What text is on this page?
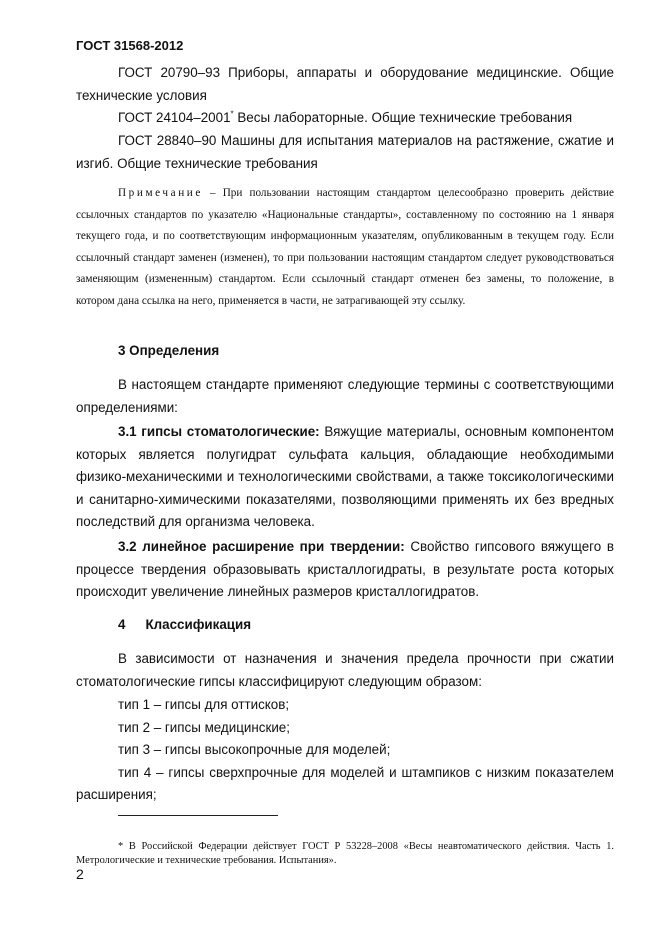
ГОСТ 31568-2012
ГОСТ 20790–93 Приборы, аппараты и оборудование медицинские. Общие технические условия
ГОСТ 24104–2001* Весы лабораторные. Общие технические требования
ГОСТ 28840–90 Машины для испытания материалов на растяжение, сжатие и изгиб. Общие технические требования
Примечание – При пользовании настоящим стандартом целесообразно проверить действие ссылочных стандартов по указателю «Национальные стандарты», составленному по состоянию на 1 января текущего года, и по соответствующим информационным указателям, опубликованным в текущем году. Если ссылочный стандарт заменен (изменен), то при пользовании настоящим стандартом следует руководствоваться заменяющим (измененным) стандартом. Если ссылочный стандарт отменен без замены, то положение, в котором дана ссылка на него, применяется в части, не затрагивающей эту ссылку.
3 Определения
В настоящем стандарте применяют следующие термины с соответствующими определениями:
3.1 гипсы стоматологические: Вяжущие материалы, основным компонентом которых является полугидрат сульфата кальция, обладающие необходимыми физико-механическими и технологическими свойствами, а также токсикологическими и санитарно-химическими показателями, позволяющими применять их без вредных последствий для организма человека.
3.2 линейное расширение при твердении: Свойство гипсового вяжущего в процессе твердения образовывать кристаллогидраты, в результате роста которых происходит увеличение линейных размеров кристаллогидратов.
4 Классификация
В зависимости от назначения и значения предела прочности при сжатии стоматологические гипсы классифицируют следующим образом:
тип 1 – гипсы для оттисков;
тип 2 – гипсы медицинские;
тип 3 – гипсы высокопрочные для моделей;
тип 4 – гипсы сверхпрочные для моделей и штампиков с низким показателем расширения;
* В Российской Федерации действует ГОСТ Р 53228–2008 «Весы неавтоматического действия. Часть 1. Метрологические и технические требования. Испытания».
2
